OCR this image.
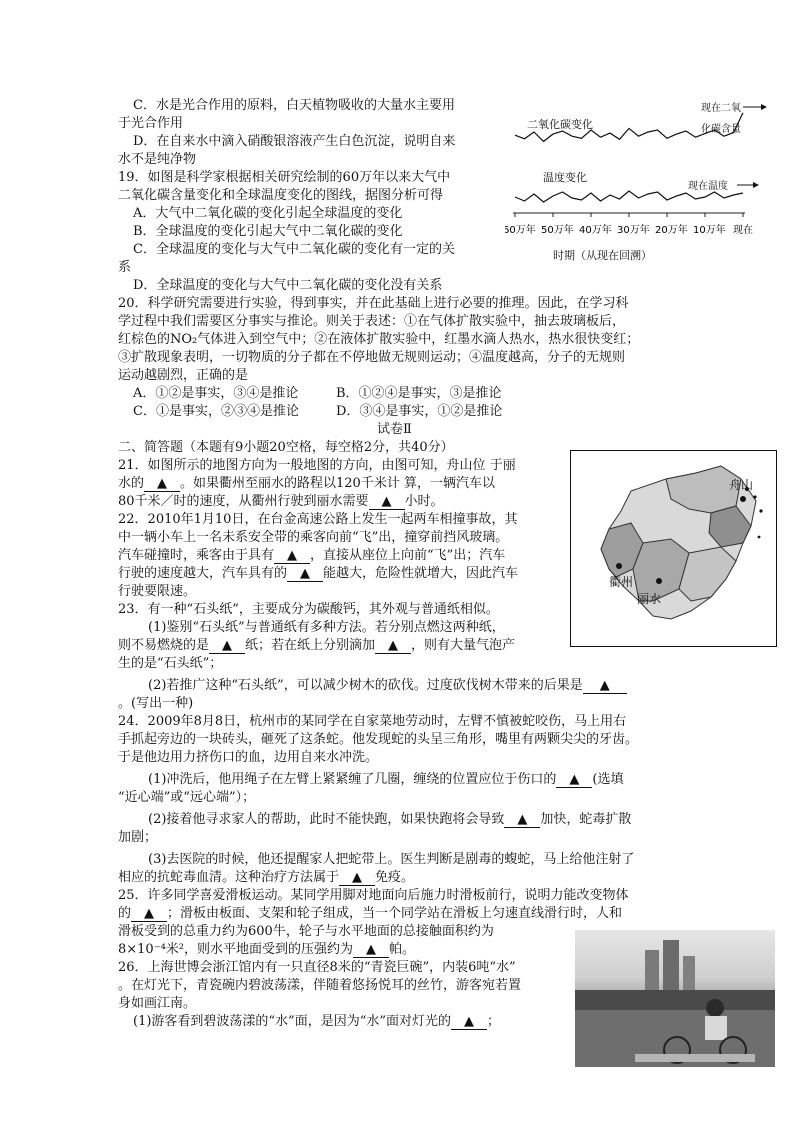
C．水是光合作用的原料，白天植物吸收的大量水主要用
于光合作用
D．在自来水中滴入硝酸银溶液产生白色沉淀，说明自来
水不是纯净物
19．如图是科学家根据相关研究绘制的60万年以来大气中
二氧化碳含量变化和全球温度变化的图线，据图分析可得
A．大气中二氧化碳的变化引起全球温度的变化
B．全球温度的变化引起大气中二氧化碳的变化
C．全球温度的变化与大气中二氧化碳的变化有一定的关
系
D．全球温度的变化与大气中二氧化碳的变化没有关系
20．科学研究需要进行实验，得到事实，并在此基础上进行必要的推理。因此，在学习科
学过程中我们需要区分事实与推论。则关于表述：①在气体扩散实验中，抽去玻璃板后，
红棕色的NO₂气体进入到空气中；②在液体扩散实验中，红墨水滴人热水，热水很快变红；
③扩散现象表明，一切物质的分子都在不停地做无规则运动；④温度越高，分子的无规则
运动越剧烈，正确的是
A．①②是事实，③④是推论	B．①②④是事实，③是推论
C．①是事实，②③④是推论	D．③④是事实，①②是推论
试卷Ⅱ
二、简答题（本题有9小题20空格，每空格2分，共40分）
21．如图所示的地图方向为一般地图的方向，由图可知，舟山位 于丽
水的 ▲ 。如果衢州至丽水的路程以120千米计 算，一辆汽车以
80千米／时的速度，从衢州行驶到丽水需要 ▲ 小时。
22．2010年1月10日，在台金高速公路上发生一起两车相撞事故，其
中一辆小车上一名未系安全带的乘客向前“飞”出，撞穿前挡风玻璃。
汽车碰撞时，乘客由于具有 ▲ ，直接从座位上向前“飞”出；汽车
行驶的速度越大，汽车具有的 ▲ 能越大，危险性就增大，因此汽车
行驶要限速。
23．有一种“石头纸”，主要成分为碳酸钙，其外观与普通纸相似。
(1)鉴别“石头纸”与普通纸有多种方法。若分别点燃这两种纸，
则不易燃烧的是 ▲ 纸；若在纸上分别滴加 ▲ ，则有大量气泡产
生的是“石头纸”；
(2)若推广这种“石头纸”，可以减少树木的砍伐。过度砍伐树木带来的后果是 ▲
。(写出一种)
24．2009年8月8日，杭州市的某同学在自家菜地劳动时，左臂不慎被蛇咬伤，马上用右
手抓起旁边的一块砖头，砸死了这条蛇。他发现蛇的头呈三角形，嘴里有两颗尖尖的牙齿。
于是他边用力挤伤口的血，边用自来水冲洗。
(1)冲洗后，他用绳子在左臂上紧紧缠了几圈，缠绕的位置应位于伤口的 ▲ (选填
“近心端”或“远心端”）；
(2)接着他寻求家人的帮助，此时不能快跑，如果快跑将会导致 ▲ 加快，蛇毒扩散
加剧；
(3)去医院的时候，他还提醒家人把蛇带上。医生判断是剧毒的蝮蛇，马上给他注射了
相应的抗蛇毒血清。这种治疗方法属于 ▲ 免疫。
25．许多同学喜爱滑板运动。某同学用脚对地面向后施力时滑板前行，说明力能改变物体
的 ▲ ；滑板由板面、支架和轮子组成，当一个同学站在滑板上匀速直线滑行时，人和
滑板受到的总重力约为600牛，轮子与水平地面的总接触面积约为
8×10⁻⁴米²，则水平地面受到的压强约为 ▲ 帕。
26．上海世博会浙江馆内有一只直径8米的“青瓷巨碗”，内装6吨“水”
。在灯光下，青瓷碗内碧波荡漾，伴随着悠扬悦耳的丝竹，游客宛若置
身如画江南。
(1)游客看到碧波荡漾的“水”面，是因为“水”面对灯光的 ▲ ；
60万年 50万年 40万年 30万年 20万年 10万年 现在
二氧化碳变化
温度变化
现在二氧
化碳含量
现在温度
时期（从现在回溯）
舟山
衢州
丽水
